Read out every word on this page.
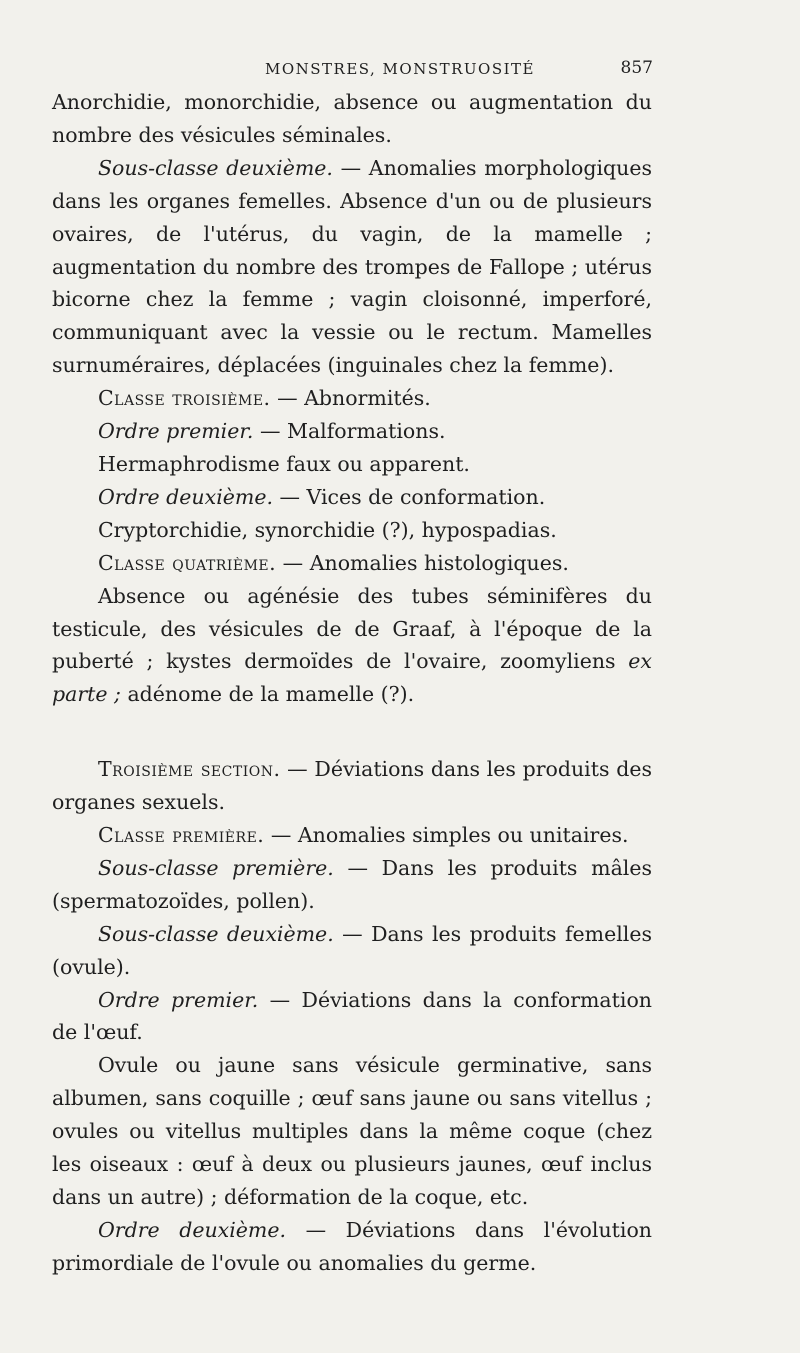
MONSTRES, MONSTRUOSITÉ	857

Anorchidie, monorchidie, absence ou augmentation du nombre des vésicules séminales.

Sous-classe deuxième. — Anomalies morphologiques dans les organes femelles. Absence d'un ou de plusieurs ovaires, de l'utérus, du vagin, de la mamelle ; augmentation du nombre des trompes de Fallope ; utérus bicorne chez la femme ; vagin cloisonné, imperforé, communiquant avec la vessie ou le rectum. Mamelles surnuméraires, déplacées (inguinales chez la femme).

Classe troisième. — Abnormités.

Ordre premier. — Malformations.

Hermaphrodisme faux ou apparent.

Ordre deuxième. — Vices de conformation.

Cryptorchidie, synorchidie (?), hypospadias.

Classe quatrième. — Anomalies histologiques.

Absence ou agénésie des tubes séminifères du testicule, des vésicules de de Graaf, à l'époque de la puberté ; kystes dermoïdes de l'ovaire, zoomyliens ex parte ; adénome de la mamelle (?).

Troisième section. — Déviations dans les produits des organes sexuels.

Classe première. — Anomalies simples ou unitaires.

Sous-classe première. — Dans les produits mâles (spermatozoïdes, pollen).

Sous-classe deuxième. — Dans les produits femelles (ovule).

Ordre premier. — Déviations dans la conformation de l'œuf.

Ovule ou jaune sans vésicule germinative, sans albumen, sans coquille ; œuf sans jaune ou sans vitellus ; ovules ou vitellus multiples dans la même coque (chez les oiseaux : œuf à deux ou plusieurs jaunes, œuf inclus dans un autre) ; déformation de la coque, etc.

Ordre deuxième. — Déviations dans l'évolution primordiale de l'ovule ou anomalies du germe.
